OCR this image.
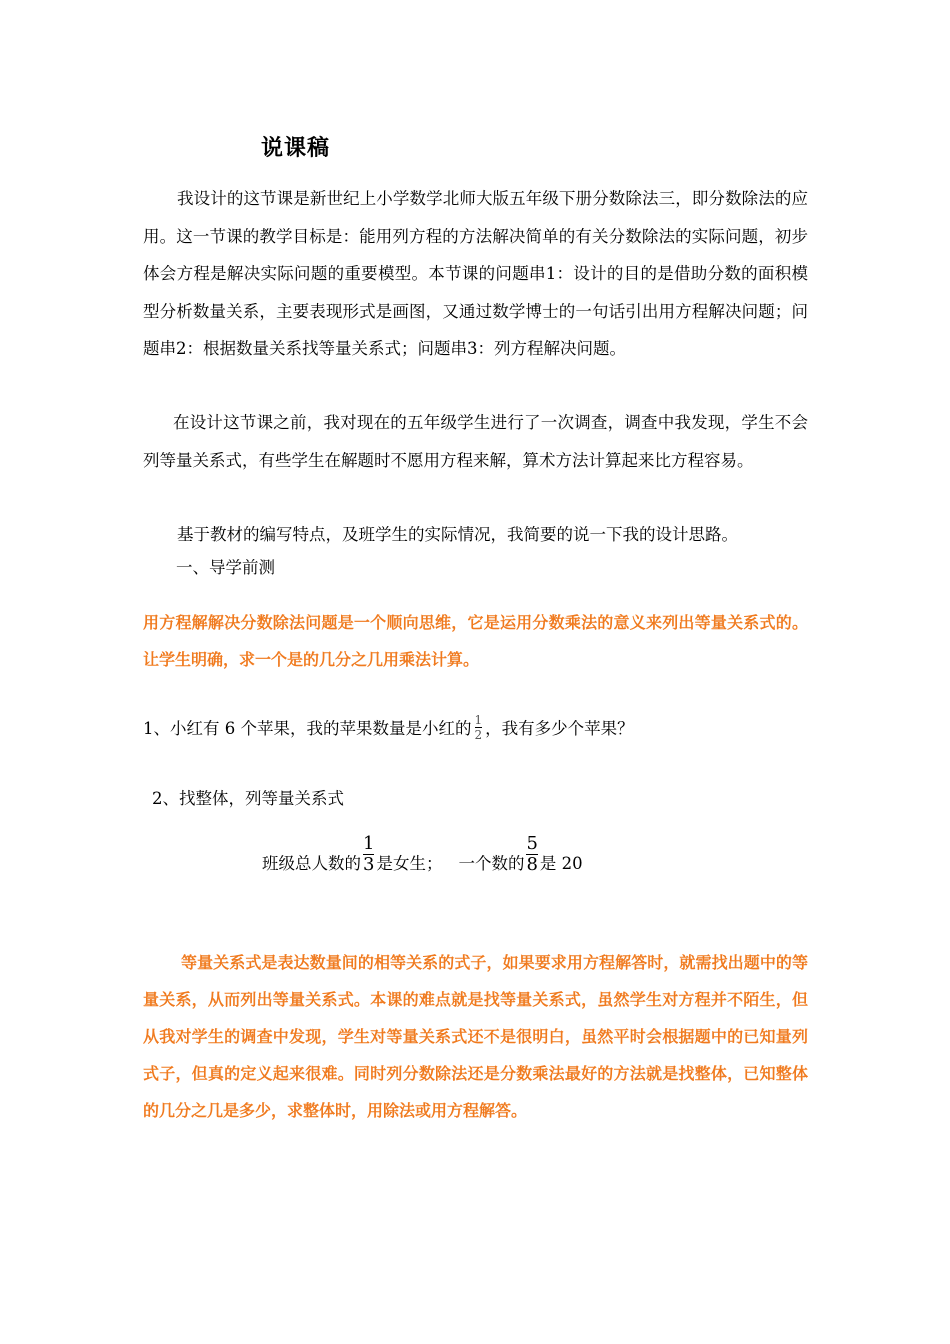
说课稿
我设计的这节课是新世纪上小学数学北师大版五年级下册分数除法三，即分数除法的应用。这一节课的教学目标是：能用列方程的方法解决简单的有关分数除法的实际问题，初步体会方程是解决实际问题的重要模型。本节课的问题串1：设计的目的是借助分数的面积模型分析数量关系，主要表现形式是画图，又通过数学博士的一句话引出用方程解决问题；问题串2：根据数量关系找等量关系式；问题串3：列方程解决问题。
在设计这节课之前，我对现在的五年级学生进行了一次调查，调查中我发现，学生不会列等量关系式，有些学生在解题时不愿用方程来解，算术方法计算起来比方程容易。
基于教材的编写特点，及班学生的实际情况，我简要的说一下我的设计思路。
一、导学前测
用方程解解决分数除法问题是一个顺向思维，它是运用分数乘法的意义来列出等量关系式的。让学生明确，求一个是的几分之几用乘法计算。
1、小红有 6 个苹果，我的苹果数量是小红的 $\frac{1}{2}$ ，我有多少个苹果？
2、找整体，列等量关系式
班级总人数的 $\frac{1}{3}$ 是女生； 一个数的 $\frac{5}{8}$ 是 20
等量关系式是表达数量间的相等关系的式子，如果要求用方程解答时，就需找出题中的等量关系，从而列出等量关系式。本课的难点就是找等量关系式，虽然学生对方程并不陌生，但从我对学生的调查中发现，学生对等量关系式还不是很明白，虽然平时会根据题中的已知量列式子，但真的定义起来很难。同时列分数除法还是分数乘法最好的方法就是找整体，已知整体的几分之几是多少，求整体时，用除法或用方程解答。
